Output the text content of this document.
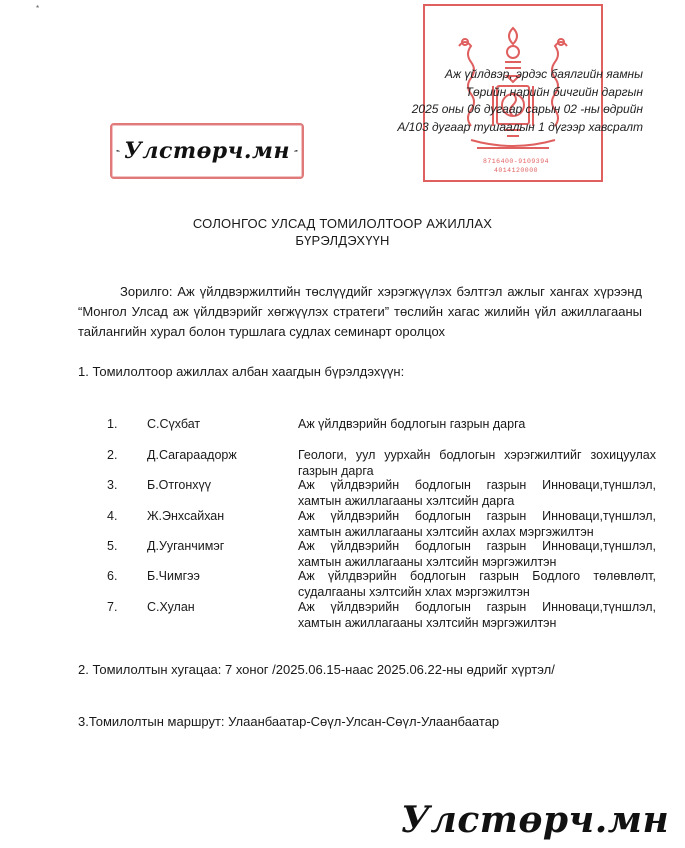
*
8716400-9109394
4014120000
Аж үйлдвэр, эрдэс баялгийн яамны
Төрийн нарийн бичгийн даргын
2025 оны 06 дугаар сарын 02 -ны өдрийн
А/103 дугаар тушаалын 1 дүгээр хавсралт
Улстөрч.мн
СОЛОНГОС УЛСАД ТОМИЛОЛТООР АЖИЛЛАХ
БҮРЭЛДЭХҮҮН
Зорилго: Аж үйлдвэржилтийн төслүүдийг хэрэгжүүлэх бэлтгэл ажлыг хангах хүрээнд “Монгол Улсад аж үйлдвэрийг хөгжүүлэх стратеги” төслийн хагас жилийн үйл ажиллагааны тайлангийн хурал болон туршлага судлах семинарт оролцох
1. Томилолтоор ажиллах албан хаагдын бүрэлдэхүүн:
1. С.Сүхбат	Аж үйлдвэрийн бодлогын газрын дарга
2. Д.Сагараадорж	Геологи, уул уурхайн бодлогын хэрэгжилтийг зохицуулах
газрын дарга
3. Б.Отгонхүү	Аж үйлдвэрийн бодлогын газрын Инноваци,түншлэл,
хамтын ажиллагааны хэлтсийн дарга
4. Ж.Энхсайхан	Аж үйлдвэрийн бодлогын газрын Инноваци,түншлэл,
хамтын ажиллагааны хэлтсийн ахлах мэргэжилтэн
5. Д.Ууганчимэг	Аж үйлдвэрийн бодлогын газрын Инноваци,түншлэл,
хамтын ажиллагааны хэлтсийн мэргэжилтэн
6. Б.Чимгээ	Аж үйлдвэрийн бодлогын газрын Бодлого төлөвлөлт,
судалгааны хэлтсийн хлах мэргэжилтэн
7. С.Хулан	Аж үйлдвэрийн бодлогын газрын Инноваци,түншлэл,
хамтын ажиллагааны хэлтсийн мэргэжилтэн
2. Томилолтын хугацаа: 7 хоног /2025.06.15-наас 2025.06.22-ны өдрийг хүртэл/
3.Томилолтын маршрут: Улаанбаатар-Сөүл-Улсан-Сөүл-Улаанбаатар
Улстөрч.мн
